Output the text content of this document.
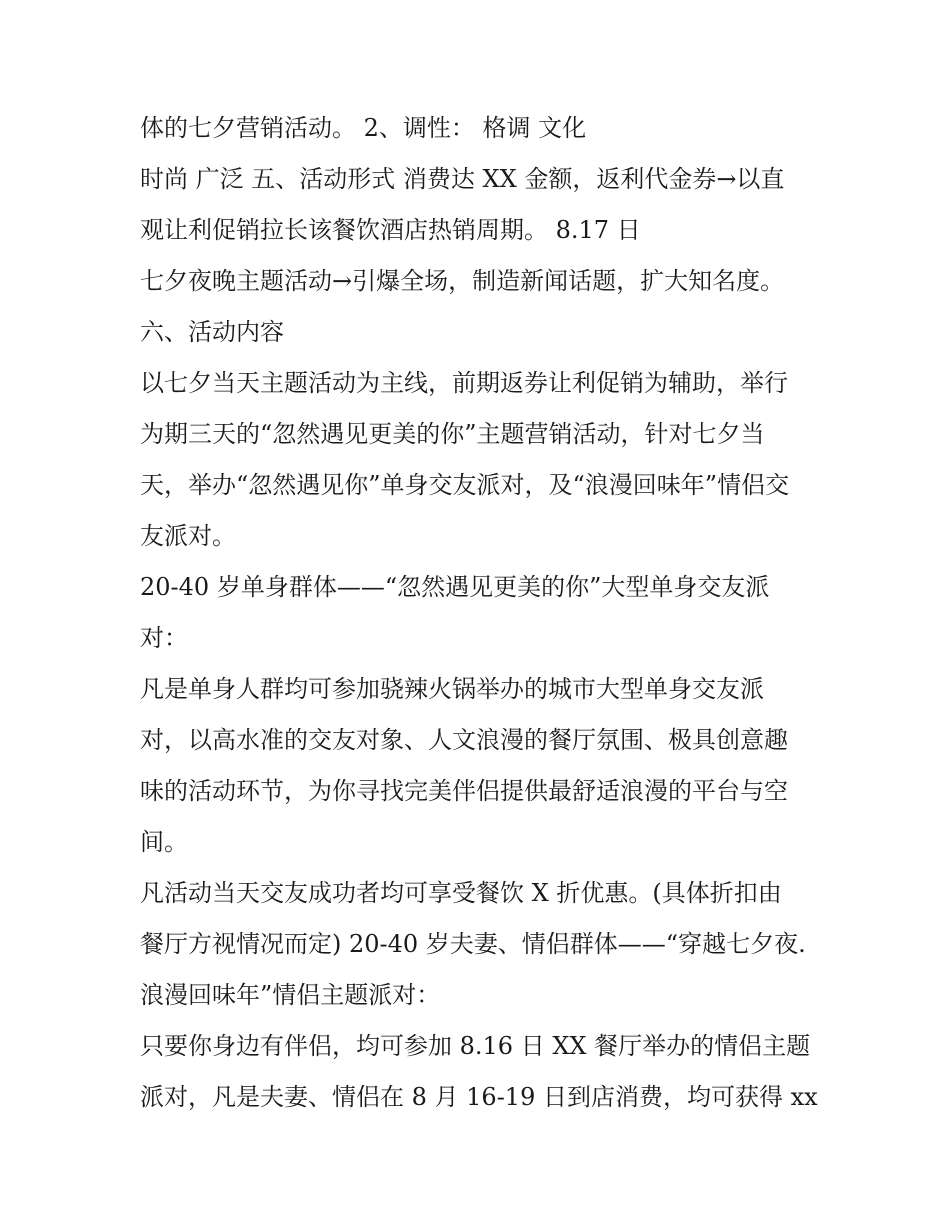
体的七夕营销活动。 2、调性： 格调 文化
时尚 广泛 五、活动形式 消费达 XX 金额，返利代金券→以直
观让利促销拉长该餐饮酒店热销周期。 8.17 日
七夕夜晚主题活动→引爆全场，制造新闻话题，扩大知名度。
六、活动内容
以七夕当天主题活动为主线，前期返券让利促销为辅助，举行
为期三天的“忽然遇见更美的你”主题营销活动，针对七夕当
天，举办“忽然遇见你”单身交友派对，及“浪漫回味年”情侣交
友派对。
20-40 岁单身群体——“忽然遇见更美的你”大型单身交友派
对：
凡是单身人群均可参加骁辣火锅举办的城市大型单身交友派
对，以高水准的交友对象、人文浪漫的餐厅氛围、极具创意趣
味的活动环节，为你寻找完美伴侣提供最舒适浪漫的平台与空
间。
凡活动当天交友成功者均可享受餐饮 X 折优惠。(具体折扣由
餐厅方视情况而定) 20-40 岁夫妻、情侣群体——“穿越七夕夜.
浪漫回味年”情侣主题派对：
只要你身边有伴侣，均可参加 8.16 日 XX 餐厅举办的情侣主题
派对，凡是夫妻、情侣在 8 月 16-19 日到店消费，均可获得 xx
